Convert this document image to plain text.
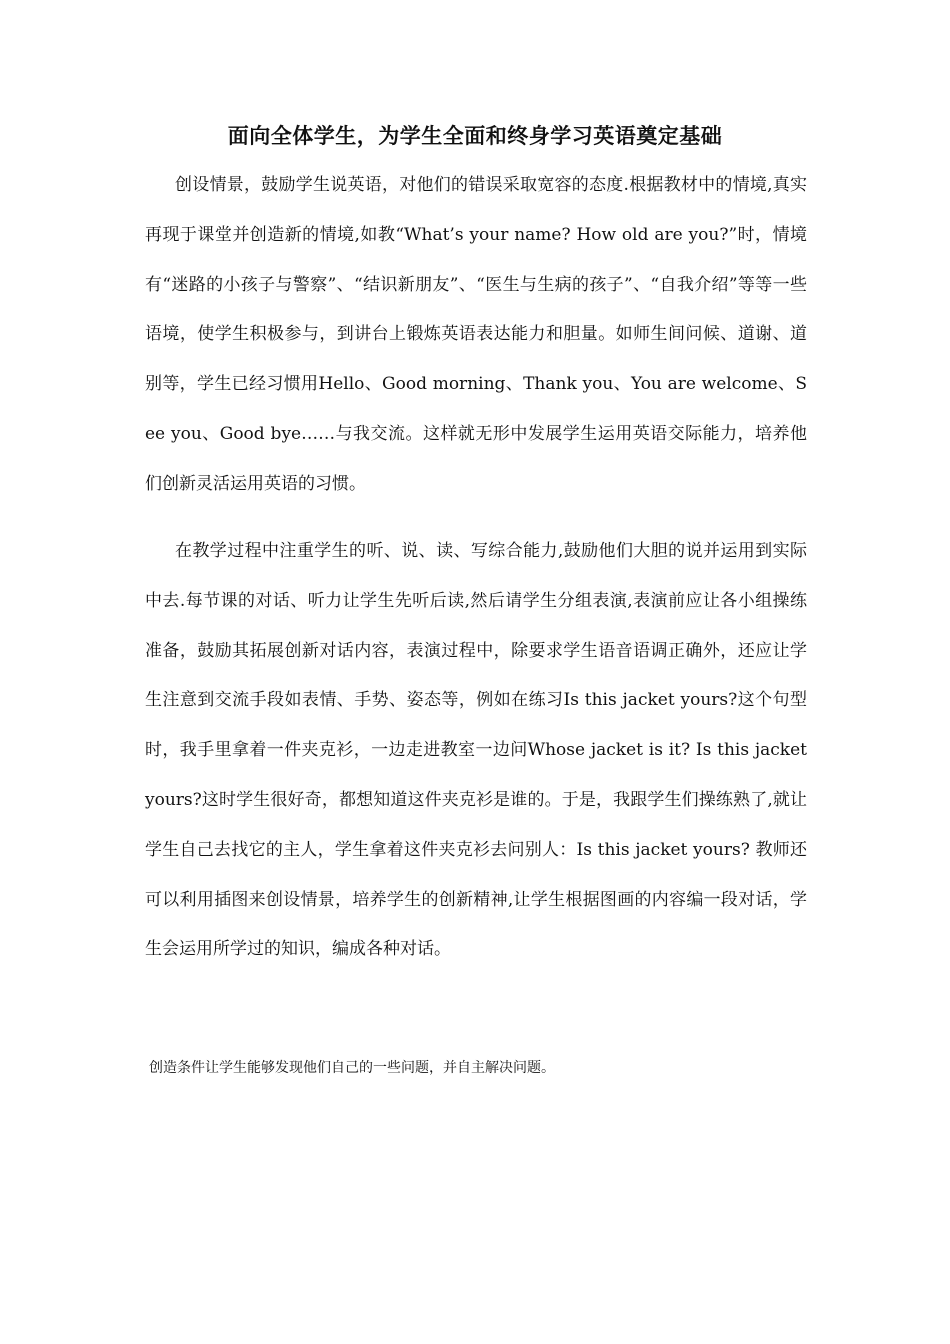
面向全体学生，为学生全面和终身学习英语奠定基础

创设情景，鼓励学生说英语，对他们的错误采取宽容的态度.根据教材中的情境,真实再现于课堂并创造新的情境,如教“What’s your name? How old are you?”时，情境有“迷路的小孩子与警察”、“结识新朋友”、“医生与生病的孩子”、“自我介绍”等等一些语境，使学生积极参与，到讲台上锻炼英语表达能力和胆量。如师生间问候、道谢、道别等，学生已经习惯用Hello、Good morning、Thank you、You are welcome、See you、Good bye……与我交流。这样就无形中发展学生运用英语交际能力，培养他们创新灵活运用英语的习惯。

在教学过程中注重学生的听、说、读、写综合能力,鼓励他们大胆的说并运用到实际中去.每节课的对话、听力让学生先听后读,然后请学生分组表演,表演前应让各小组操练准备，鼓励其拓展创新对话内容，表演过程中，除要求学生语音语调正确外，还应让学生注意到交流手段如表情、手势、姿态等，例如在练习Is this jacket yours?这个句型时，我手里拿着一件夹克衫，一边走进教室一边问Whose jacket is it? Is this jacket yours?这时学生很好奇，都想知道这件夹克衫是谁的。于是，我跟学生们操练熟了,就让学生自己去找它的主人，学生拿着这件夹克衫去问别人：Is this jacket yours? 教师还可以利用插图来创设情景，培养学生的创新精神,让学生根据图画的内容编一段对话，学生会运用所学过的知识，编成各种对话。

创造条件让学生能够发现他们自己的一些问题，并自主解决问题。
